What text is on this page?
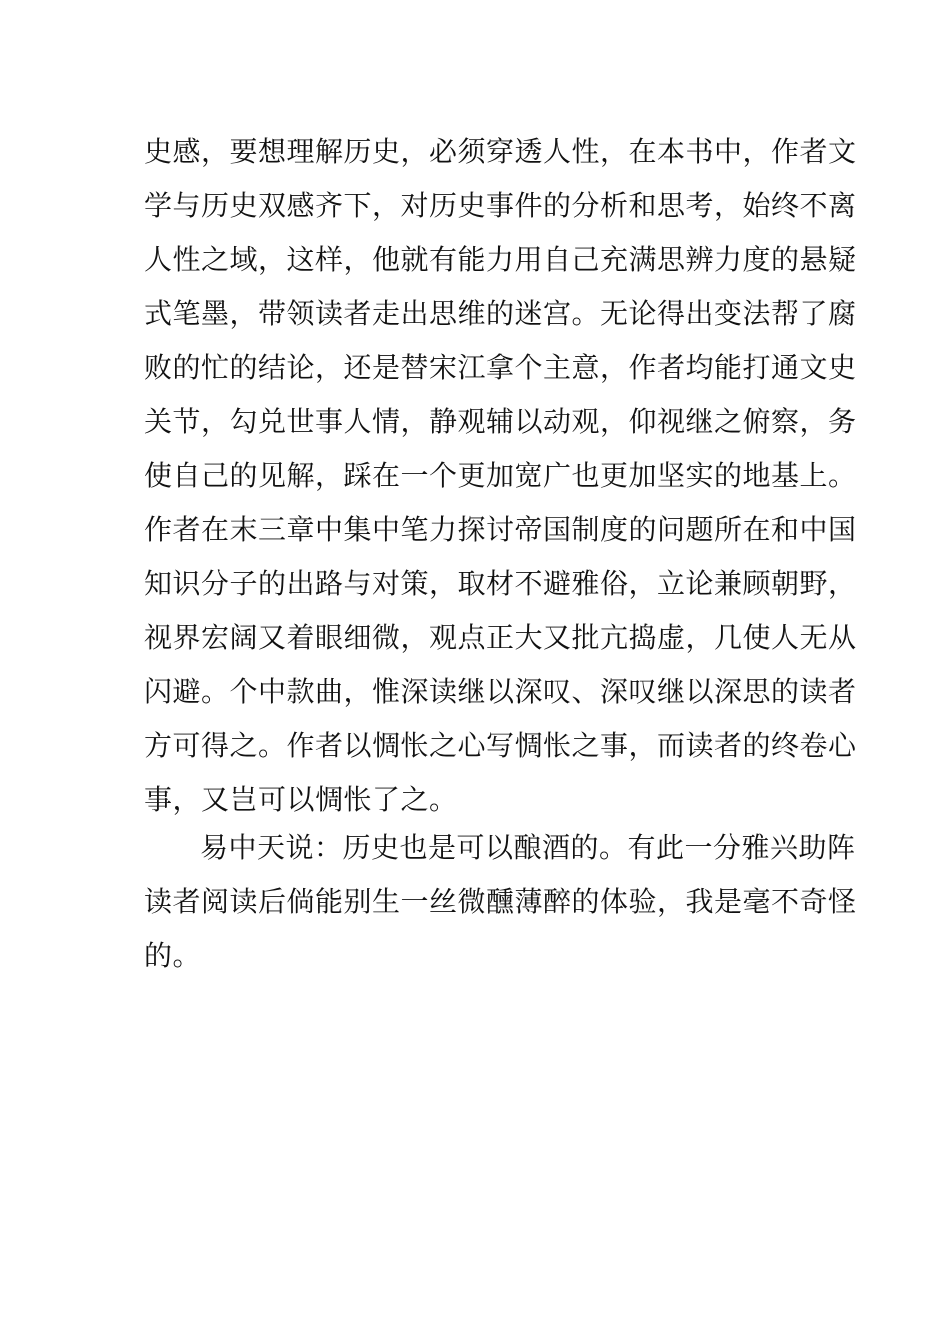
史感，要想理解历史，必须穿透人性，在本书中，作者文
学与历史双感齐下，对历史事件的分析和思考，始终不离
人性之域，这样，他就有能力用自己充满思辨力度的悬疑
式笔墨，带领读者走出思维的迷宫。无论得出变法帮了腐
败的忙的结论，还是替宋江拿个主意，作者均能打通文史
关节，勾兑世事人情，静观辅以动观，仰视继之俯察，务
使自己的见解，踩在一个更加宽广也更加坚实的地基上。
作者在末三章中集中笔力探讨帝国制度的问题所在和中国
知识分子的出路与对策，取材不避雅俗，立论兼顾朝野，
视界宏阔又着眼细微，观点正大又批亢捣虚，几使人无从
闪避。个中款曲，惟深读继以深叹、深叹继以深思的读者
方可得之。作者以惆怅之心写惆怅之事，而读者的终卷心
事，又岂可以惆怅了之。
易中天说：历史也是可以酿酒的。有此一分雅兴助阵
读者阅读后倘能别生一丝微醺薄醉的体验，我是毫不奇怪
的。
